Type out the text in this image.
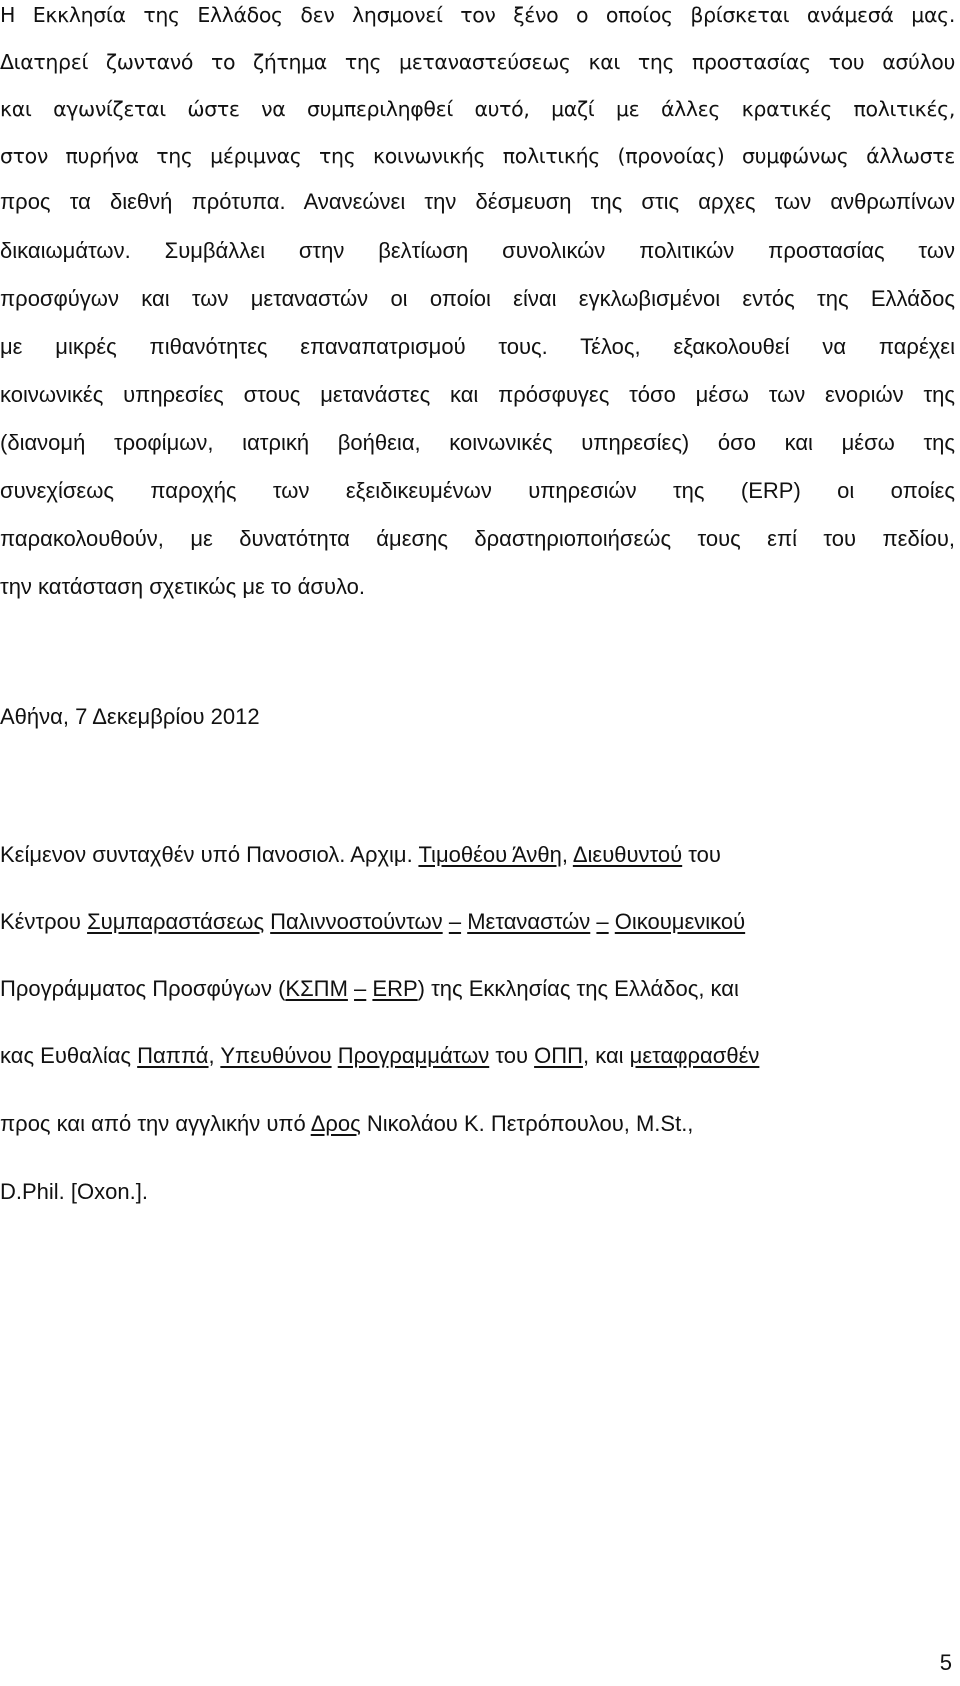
Η Εκκλησία της Ελλάδος δεν λησμονεί τον ξένο ο οποίος βρίσκεται ανάμεσά μας.
Διατηρεί ζωντανό το ζήτημα της μεταναστεύσεως και της προστασίας του ασύλου
και αγωνίζεται ώστε να συμπεριληφθεί αυτό, μαζί με άλλες κρατικές πολιτικές,
στον πυρήνα της μέριμνας της κοινωνικής πολιτικής (προνοίας) συμφώνως άλλωστε
προς τα διεθνή πρότυπα. Ανανεώνει την δέσμευση της στις αρχες των ανθρωπίνων
δικαιωμάτων. Συμβάλλει στην βελτίωση συνολικών πολιτικών προστασίας των
προσφύγων και των μεταναστών οι οποίοι είναι εγκλωβισμένοι εντός της Ελλάδος
με μικρές πιθανότητες επαναπατρισμού τους. Τέλος, εξακολουθεί να παρέχει
κοινωνικές υπηρεσίες στους μετανάστες και πρόσφυγες τόσο μέσω των ενοριών της
(διανομή τροφίμων, ιατρική βοήθεια, κοινωνικές υπηρεσίες) όσο και μέσω της
συνεχίσεως παροχής των εξειδικευμένων υπηρεσιών της (ERP) οι οποίες
παρακολουθούν, με δυνατότητα άμεσης δραστηριοποιήσεώς τους επί του πεδίου,
την κατάσταση σχετικώς με το άσυλο.
Αθήνα, 7 Δεκεμβρίου 2012
Κείμενον συνταχθέν υπό Πανοσιολ. Αρχιμ. Τιμοθέου Άνθη, Διευθυντού του
Κέντρου Συμπαραστάσεως Παλιννοστούντων – Μεταναστών – Οικουμενικού
Προγράμματος Προσφύγων (ΚΣΠΜ – ERP) της Εκκλησίας της Ελλάδος, και
κας Ευθαλίας Παππά, Υπευθύνου Προγραμμάτων του ΟΠΠ, και μεταφρασθέν
προς και από την αγγλικήν υπό Δρος Νικολάου Κ. Πετρόπουλου, M.St.,
D.Phil. [Oxon.].
5
